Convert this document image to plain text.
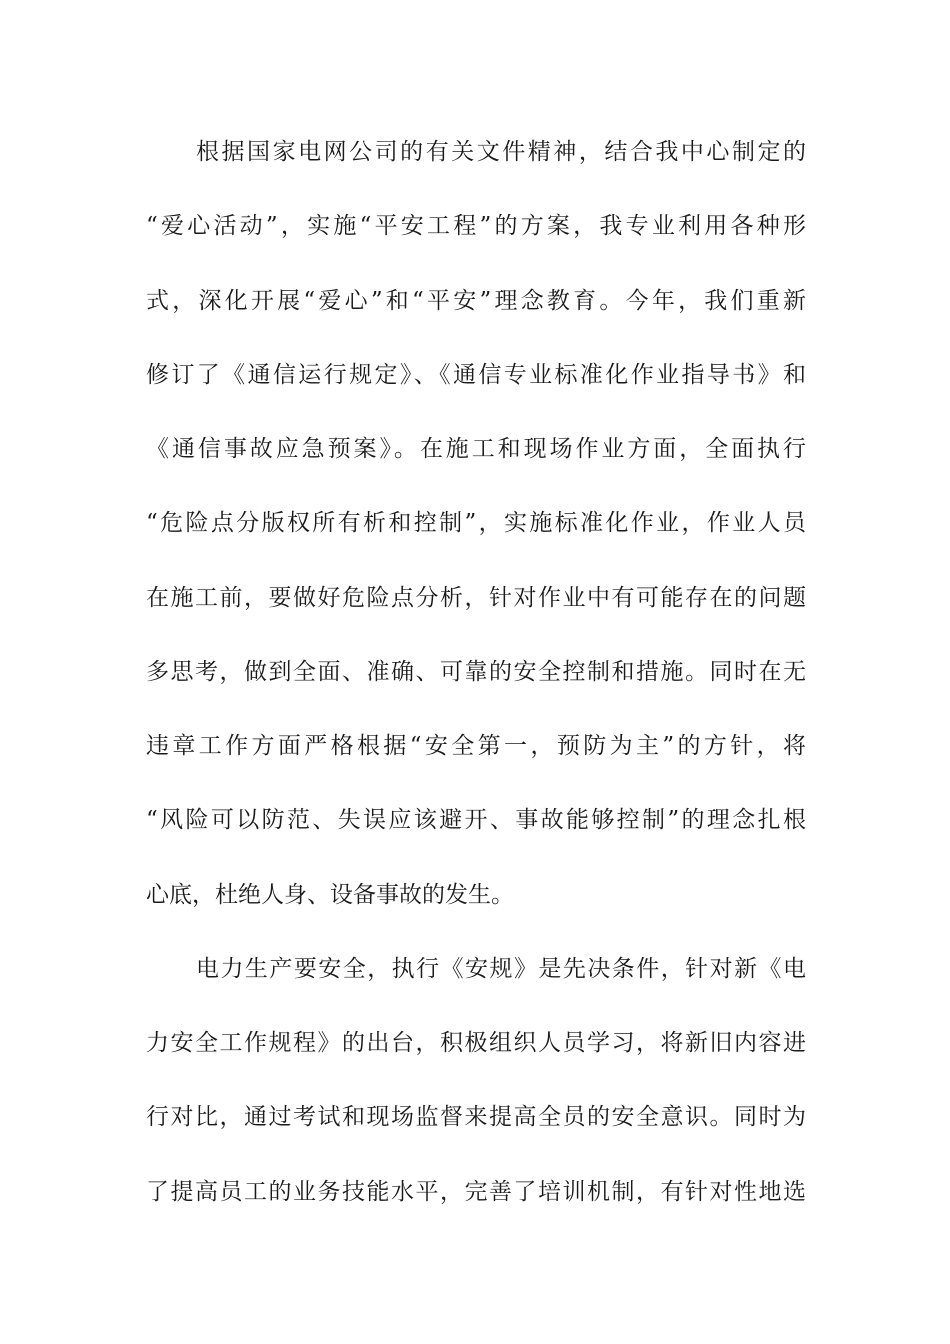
根据国家电网公司的有关文件精神，结合我中心制定的
“爱心活动”，实施“平安工程”的方案，我专业利用各种形
式，深化开展“爱心”和“平安”理念教育。今年，我们重新
修订了《通信运行规定》、《通信专业标准化作业指导书》和
《通信事故应急预案》。在施工和现场作业方面，全面执行
“危险点分版权所有析和控制”，实施标准化作业，作业人员
在施工前，要做好危险点分析，针对作业中有可能存在的问题
多思考，做到全面、准确、可靠的安全控制和措施。同时在无
违章工作方面严格根据“安全第一，预防为主”的方针，将
“风险可以防范、失误应该避开、事故能够控制”的理念扎根
心底，杜绝人身、设备事故的发生。
电力生产要安全，执行《安规》是先决条件，针对新《电
力安全工作规程》的出台，积极组织人员学习，将新旧内容进
行对比，通过考试和现场监督来提高全员的安全意识。同时为
了提高员工的业务技能水平，完善了培训机制，有针对性地选
